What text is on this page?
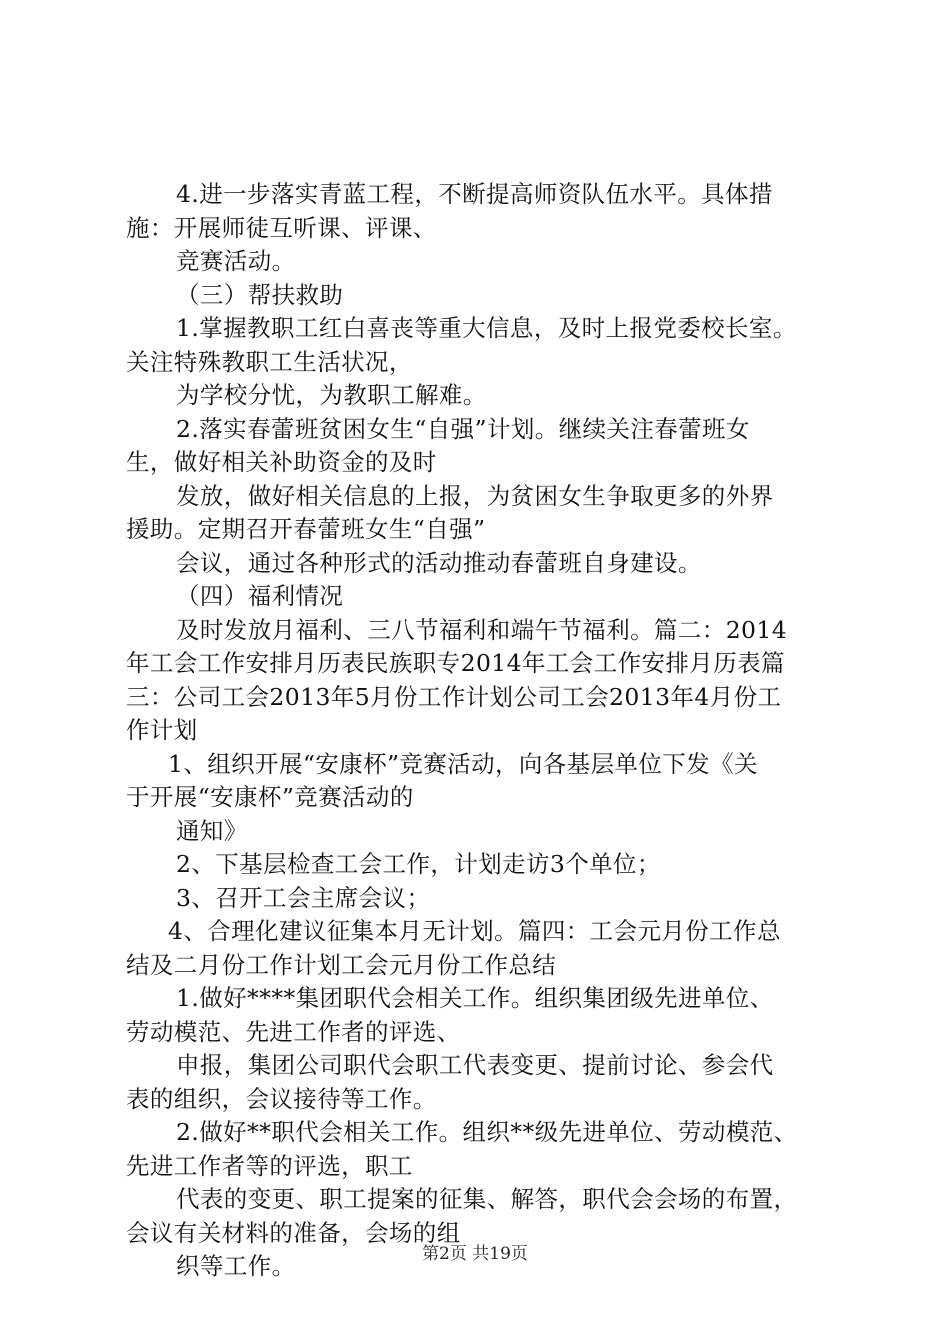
4.进一步落实青蓝工程，不断提高师资队伍水平。具体措
施：开展师徒互听课、评课、
竞赛活动。
（三）帮扶救助
1.掌握教职工红白喜丧等重大信息，及时上报党委校长室。
关注特殊教职工生活状况，
为学校分忧，为教职工解难。
2.落实春蕾班贫困女生“自强”计划。继续关注春蕾班女
生，做好相关补助资金的及时
发放，做好相关信息的上报，为贫困女生争取更多的外界
援助。定期召开春蕾班女生“自强”
会议，通过各种形式的活动推动春蕾班自身建设。
（四）福利情况
及时发放月福利、三八节福利和端午节福利。篇二：2014
年工会工作安排月历表民族职专2014年工会工作安排月历表篇
三：公司工会2013年5月份工作计划公司工会2013年4月份工
作计划
1、组织开展“安康杯”竞赛活动，向各基层单位下发《关
于开展“安康杯”竞赛活动的
通知》
2、下基层检查工会工作，计划走访3个单位；
3、召开工会主席会议；
4、合理化建议征集本月无计划。篇四：工会元月份工作总
结及二月份工作计划工会元月份工作总结
1.做好****集团职代会相关工作。组织集团级先进单位、
劳动模范、先进工作者的评选、
申报，集团公司职代会职工代表变更、提前讨论、参会代
表的组织，会议接待等工作。
2.做好**职代会相关工作。组织**级先进单位、劳动模范、
先进工作者等的评选，职工
代表的变更、职工提案的征集、解答，职代会会场的布置，
会议有关材料的准备，会场的组
织等工作。	第2页 共19页
